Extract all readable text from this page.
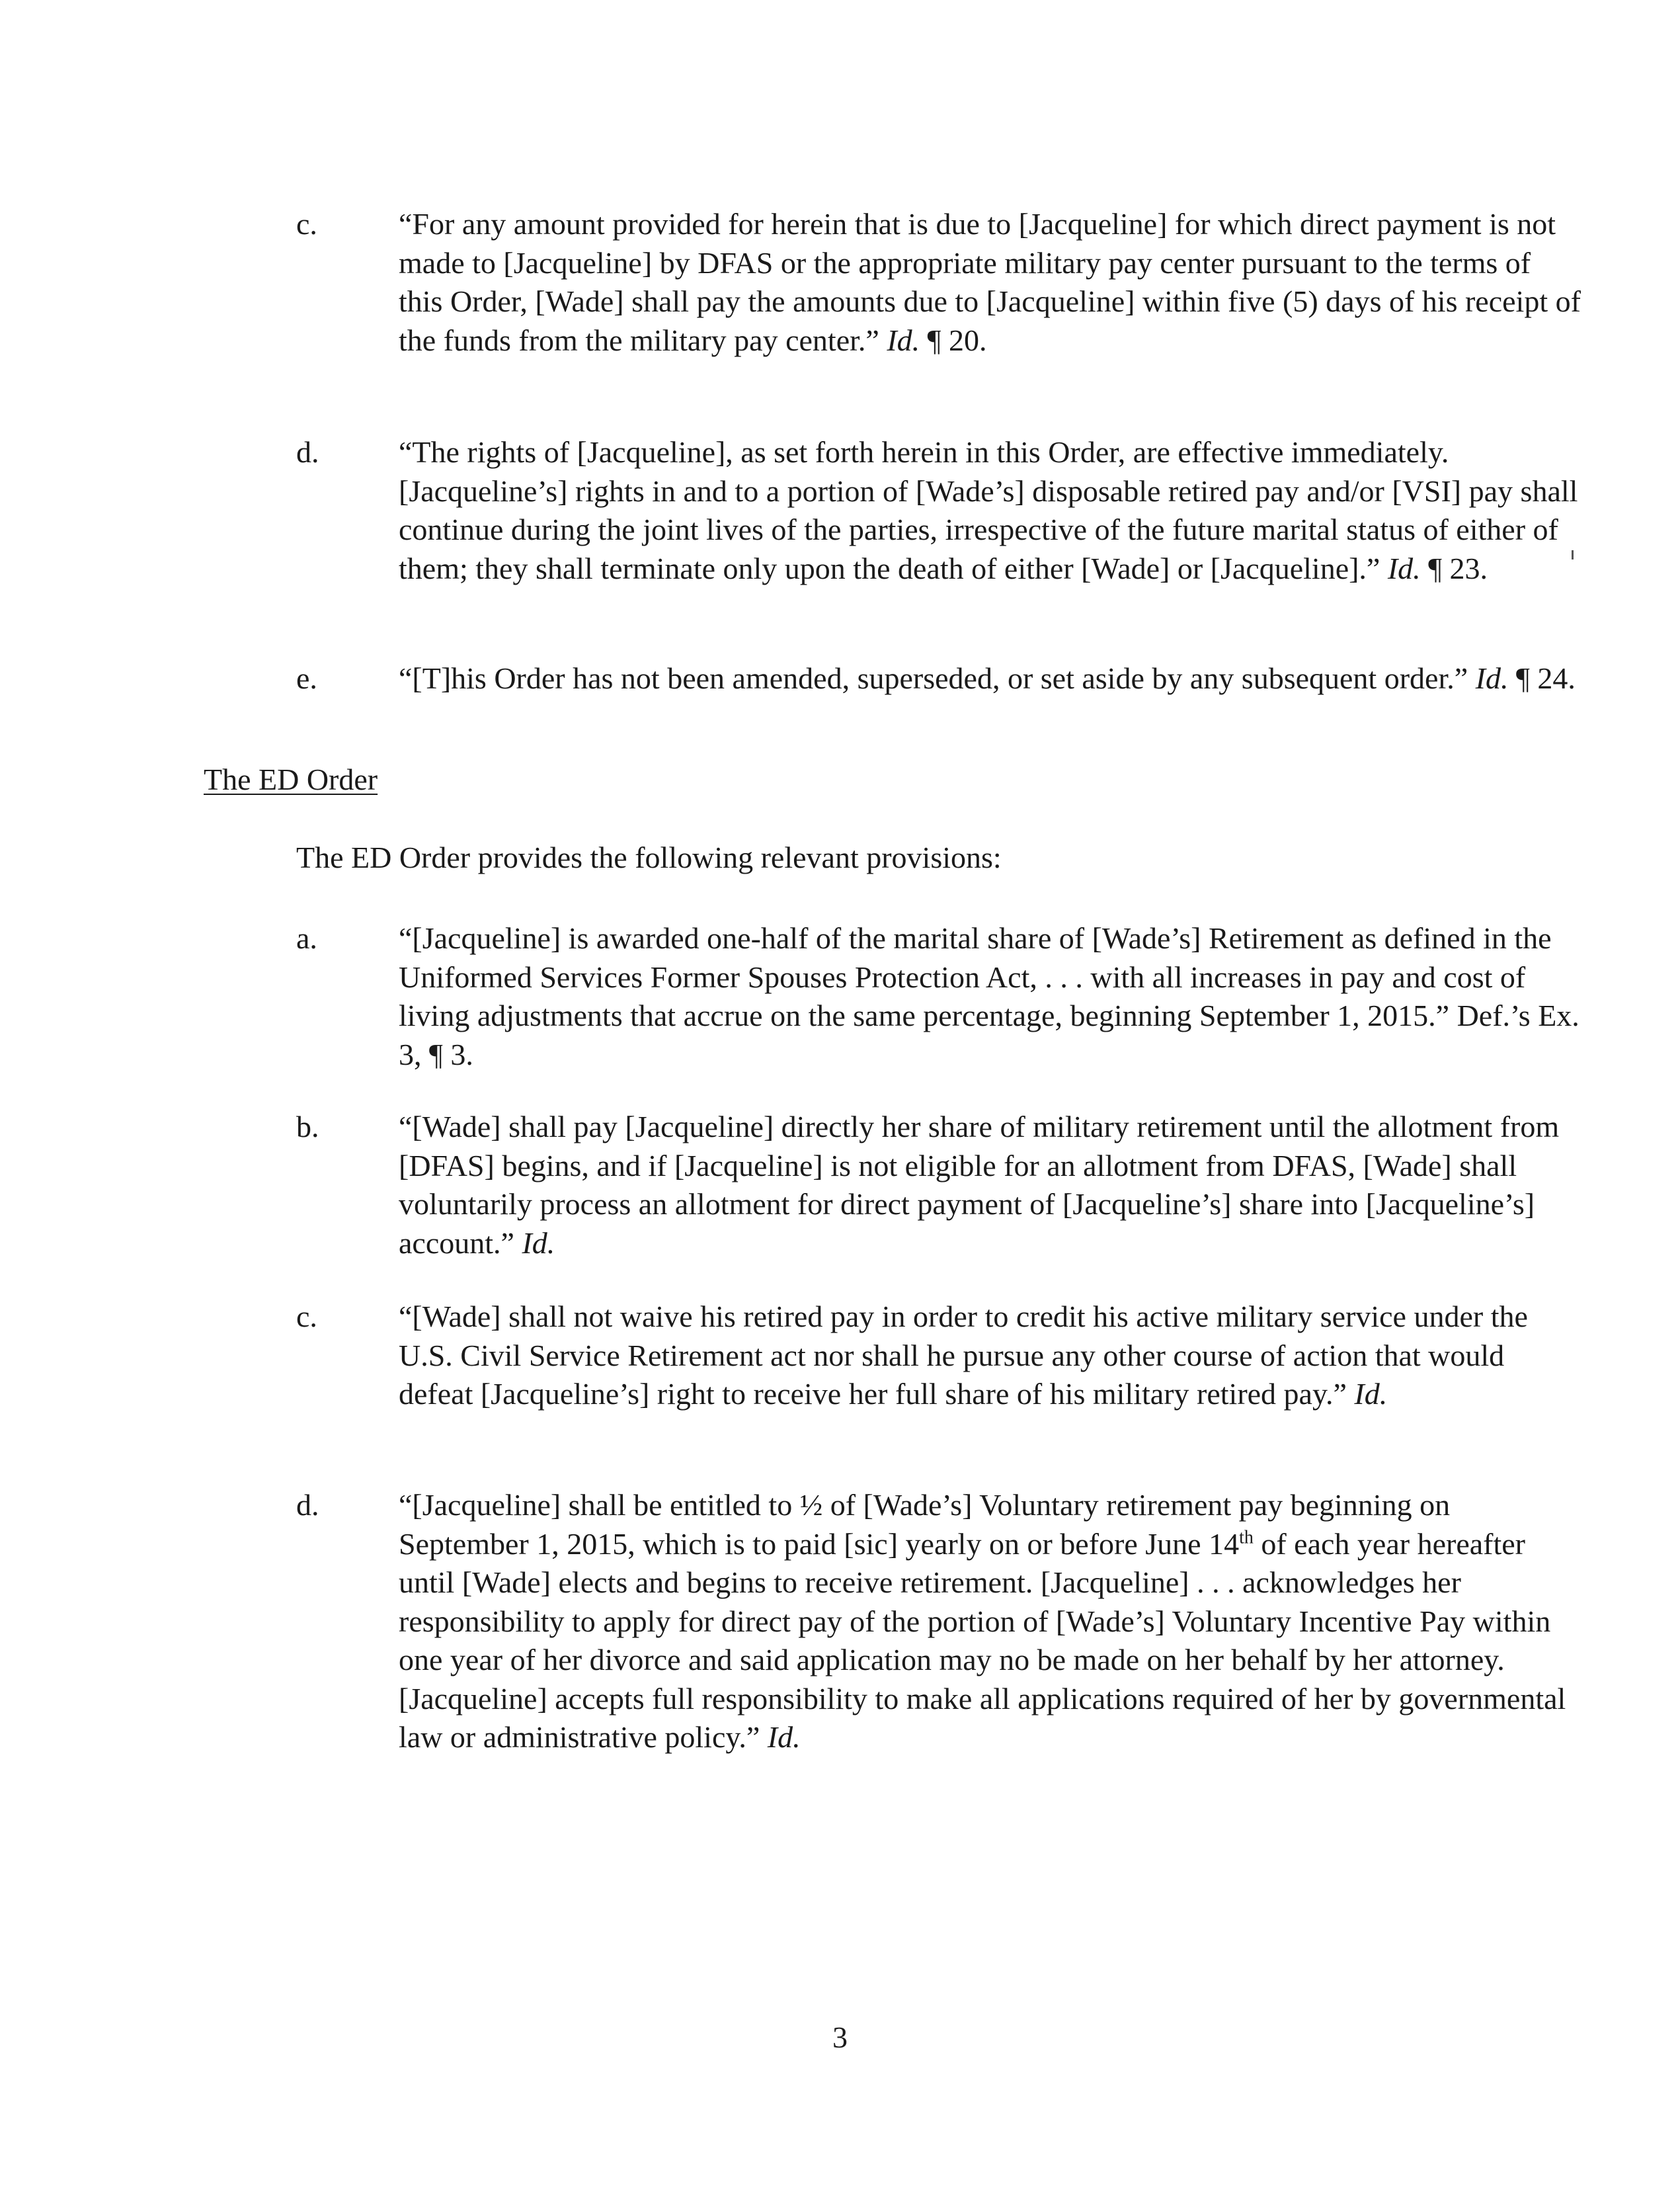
c.	“For any amount provided for herein that is due to [Jacqueline] for which direct payment is not made to [Jacqueline] by DFAS or the appropriate military pay center pursuant to the terms of this Order, [Wade] shall pay the amounts due to [Jacqueline] within five (5) days of his receipt of the funds from the military pay center.” Id. ¶ 20.
d.	“The rights of [Jacqueline], as set forth herein in this Order, are effective immediately. [Jacqueline’s] rights in and to a portion of [Wade’s] disposable retired pay and/or [VSI] pay shall continue during the joint lives of the parties, irrespective of the future marital status of either of them; they shall terminate only upon the death of either [Wade] or [Jacqueline].” Id. ¶ 23.
e.	“[T]his Order has not been amended, superseded, or set aside by any subsequent order.” Id. ¶ 24.
The ED Order
The ED Order provides the following relevant provisions:
a.	“[Jacqueline] is awarded one-half of the marital share of [Wade’s] Retirement as defined in the Uniformed Services Former Spouses Protection Act, . . . with all increases in pay and cost of living adjustments that accrue on the same percentage, beginning September 1, 2015.” Def.’s Ex. 3, ¶ 3.
b.	“[Wade] shall pay [Jacqueline] directly her share of military retirement until the allotment from [DFAS] begins, and if [Jacqueline] is not eligible for an allotment from DFAS, [Wade] shall voluntarily process an allotment for direct payment of [Jacqueline’s] share into [Jacqueline’s] account.” Id.
c.	“[Wade] shall not waive his retired pay in order to credit his active military service under the U.S. Civil Service Retirement act nor shall he pursue any other course of action that would defeat [Jacqueline’s] right to receive her full share of his military retired pay.” Id.
d.	“[Jacqueline] shall be entitled to ½ of [Wade’s] Voluntary retirement pay beginning on September 1, 2015, which is to paid [sic] yearly on or before June 14th of each year hereafter until [Wade] elects and begins to receive retirement. [Jacqueline] . . . acknowledges her responsibility to apply for direct pay of the portion of [Wade’s] Voluntary Incentive Pay within one year of her divorce and said application may no be made on her behalf by her attorney. [Jacqueline] accepts full responsibility to make all applications required of her by governmental law or administrative policy.” Id.
3
